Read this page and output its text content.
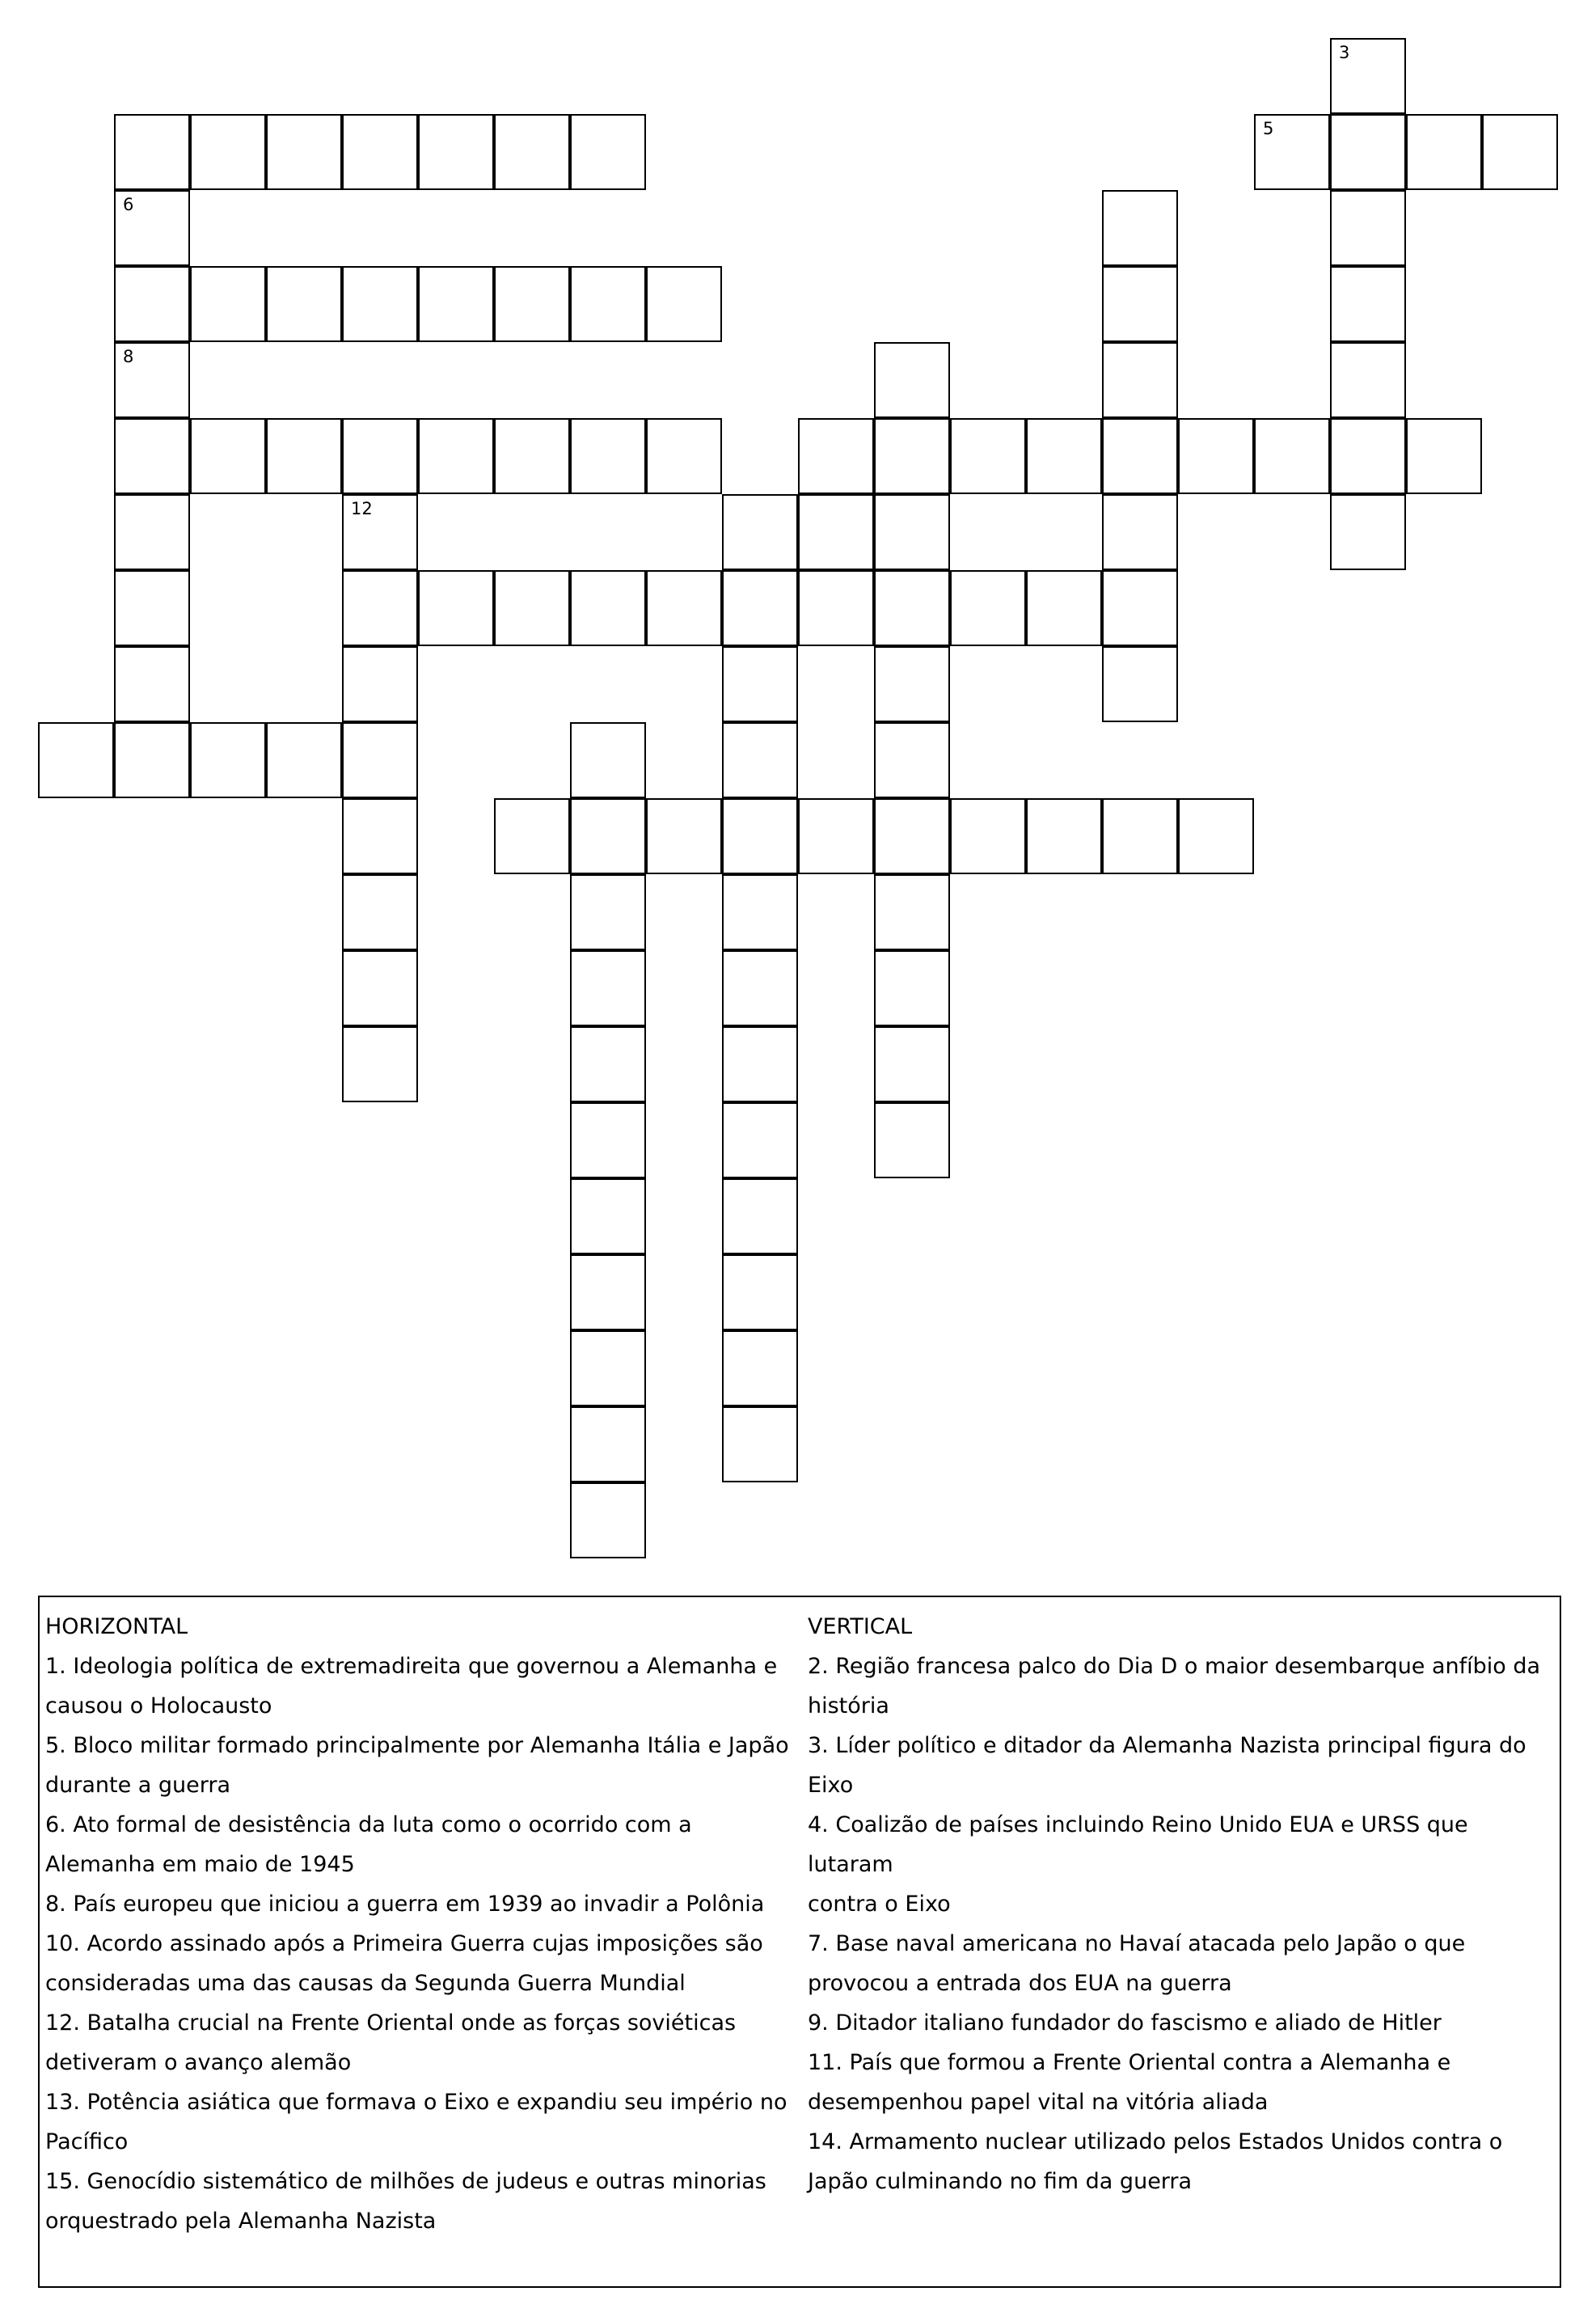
6
8
12
3
5
HORIZONTAL
1. Ideologia política de extremadireita que governou a Alemanha e
causou o Holocausto
5. Bloco militar formado principalmente por Alemanha Itália e Japão
durante a guerra
6. Ato formal de desistência da luta como o ocorrido com a
Alemanha em maio de 1945
8. País europeu que iniciou a guerra em 1939 ao invadir a Polônia
10. Acordo assinado após a Primeira Guerra cujas imposições são
consideradas uma das causas da Segunda Guerra Mundial
12. Batalha crucial na Frente Oriental onde as forças soviéticas
detiveram o avanço alemão
13. Potência asiática que formava o Eixo e expandiu seu império no
Pacífico
15. Genocídio sistemático de milhões de judeus e outras minorias
orquestrado pela Alemanha Nazista
VERTICAL
2. Região francesa palco do Dia D o maior desembarque anfíbio da
história
3. Líder político e ditador da Alemanha Nazista principal figura do
Eixo
4. Coalizão de países incluindo Reino Unido EUA e URSS que lutaram
contra o Eixo
7. Base naval americana no Havaí atacada pelo Japão o que
provocou a entrada dos EUA na guerra
9. Ditador italiano fundador do fascismo e aliado de Hitler
11. País que formou a Frente Oriental contra a Alemanha e
desempenhou papel vital na vitória aliada
14. Armamento nuclear utilizado pelos Estados Unidos contra o
Japão culminando no fim da guerra
